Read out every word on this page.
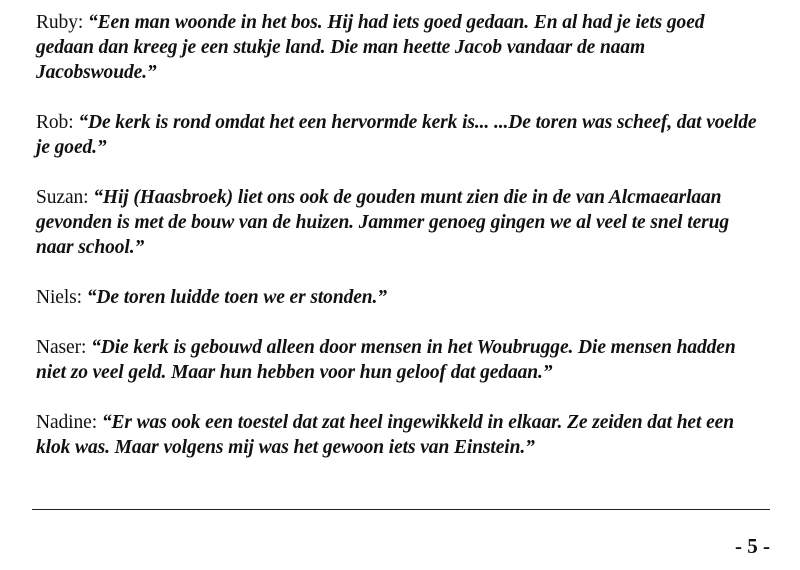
Ruby: “Een man woonde in het bos. Hij had iets goed gedaan. En al had je iets goed gedaan dan kreeg je een stukje land. Die man heette Jacob vandaar de naam Jacobswoude.”

Rob: “De kerk is rond omdat het een hervormde kerk is... ...De toren was scheef, dat voelde je goed.”

Suzan: “Hij (Haasbroek) liet ons ook de gouden munt zien die in de van Alcmaearlaan gevonden is met de bouw van de huizen. Jammer genoeg gingen we al veel te snel terug naar school.”

Niels: “De toren luidde toen we er stonden.”

Naser: “Die kerk is gebouwd alleen door mensen in het Woubrugge. Die mensen hadden niet zo veel geld. Maar hun hebben voor hun geloof dat gedaan.”

Nadine: “Er was ook een toestel dat zat heel ingewikkeld in elkaar. Ze zeiden dat het een klok was. Maar volgens mij was het gewoon iets van Einstein.”

- 5 -
